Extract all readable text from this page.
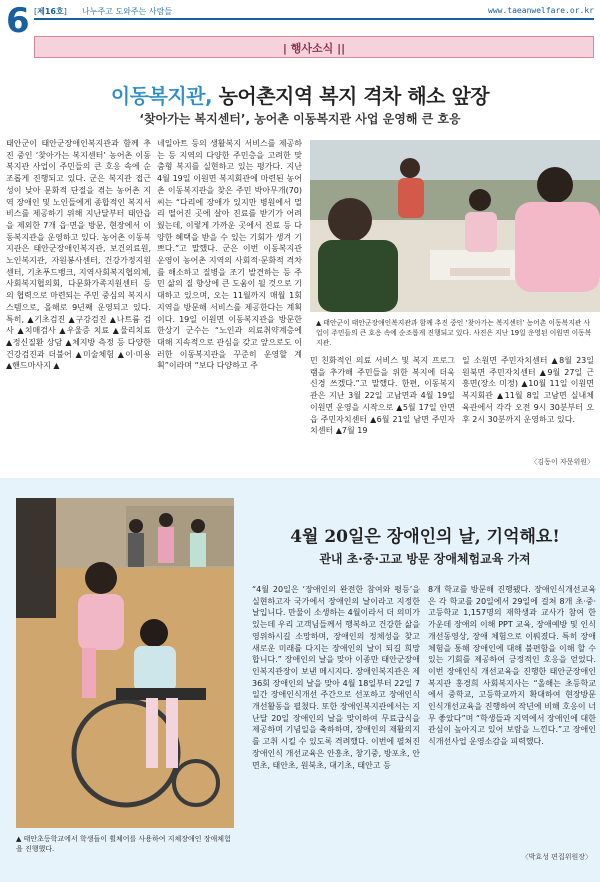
6 [제16호] 나누주고 도와주는 사람들	www.taeanwelfare.or.kr
| 행사소식 ||
이동복지관, 농어촌지역 복지 격차 해소 앞장
‘찾아가는 복지센터’, 농어촌 이동복지관 사업 운영해 큰 호응
태안군이 태안군장애인복지관과 함께 추진 중인 ‘찾아가는 복지센터’ 농어촌 이동복지관 사업이 주민들의 큰 호응 속에 순조롭게 진행되고 있다. 군은 복지관 접근성이 낮아 문화적 단절을 겪는 농어촌 지역 장애인 및 노인들에게 종합적인 복지서비스를 제공하기 위해 지난달부터 태안읍을 제외한 7개 읍·면을 방문, 현장에서 이동복지관을 운영하고 있다. 농어촌 이동복지관은 태안군장애인복지관, 보건의료원, 노인복지관, 자원봉사센터, 건강가정지원센터, 기초푸드뱅크, 지역사회복지협의체, 사회복지협의회, 다문화가족지원센터 등의 협력으로 마련되는 주민 중심의 복지시스템으로, 올해로 9년째 운영되고 있다. 특히, ▲기초검진 ▲구강검진 ▲나트륨 검사 ▲치매검사 ▲우울증 치료 ▲물리치료 ▲정신질환 상담 ▲체지방 측정 등 다양한 건강검진과 더불어 ▲미술체험 ▲이·미용 ▲핸드마사지 ▲
네일아트 등의 생활복지 서비스를 제공하는 등 지역의 다양한 주민층을 고려한 맞춤형 복지를 실현하고 있는 평가다. 지난 4월 19일 이원면 복지회관에 마련된 농어촌 이동복지관을 찾은 주민 박아무개(70)씨는 “다리에 장애가 있지만 병원에서 멀리 떨어진 곳에 살아 진료를 받기가 어려웠는데, 이렇게 가까운 곳에서 진료 등 다양한 혜택을 받을 수 있는 기회가 생겨 기쁘다.”고 말했다. 군은 이번 이동복지관 운영이 농어촌 지역의 사회적·문화적 격차를 해소하고 질병을 조기 발견하는 등 주민 삶의 질 향상에 큰 도움이 될 것으로 기대하고 있으며, 오는 11월까지 매월 1회 지역을 방문해 서비스를 제공한다는 계획이다. 19일 이원면 이동복지관을 방문한 한상기 군수는 “노인과 의료취약계층에 대해 지속적으로 관심을 갖고 앞으로도 이러한 이동복지관을 꾸준히 운영할 계획”이라며 “보다 다양하고 주
▲ 태안군이 태안군장애인복지관과 함께 추진 중인 ‘찾아가는 복지센터’ 농어촌 이동복지관 사업이 주민들의 큰 호응 속에 순조롭게 진행되고 있다. 사진은 지난 19일 운영된 이원면 이동복지관.
민 친화적인 의료 서비스 및 복지 프로그램을 추가해 주민들을 위한 복지에 더욱 신경 쓰겠다.”고 말했다. 한편, 이동복지관은 지난 3월 22일 고남면과 4월 19일 이원면 운영을 시작으로 ▲5월 17일 안면읍 주민자치센터 ▲6월 21일 남면 주민자치센터 ▲7월 19
일 소원면 주민자치센터 ▲8월 23일 원북면 주민자치센터 ▲9월 27일 근흥면(장소 미정) ▲10월 11일 이원면 복지회관 ▲11월 8일 고남면 실내체육관에서 각각 오전 9시 30분부터 오후 2시 30분까지 운영하고 있다.
〈김동이 자문위원〉
▲ 태안초등학교에서 학생들이 휠체어를 사용하여 지체장애인 장애체험을 진행했다.
4월 20일은 장애인의 날, 기억해요!
관내 초·중·고교 방문 장애체험교육 가져
“4월 20일은 ‘장애인의 완전한 참여와 평등’을 실현하고자 국가에서 장애인의 날이라고 지정한 날입니다. 만물이 소생하는 4월이라서 더 의미가 있는데 우리 고객님들께서 행복하고 건강한 삶을 영위하시길 소망하며, 장애인의 정체성을 찾고 새로운 미래를 다지는 장애인의 날이 되길 희망합니다.” 장애인의 날을 맞아 이종만 태안군장애인복지관장이 보낸 메시지다. 장애인복지관은 제36회 장애인의 날을 맞아 4월 18일부터 22일 7일간 장애인식개선 주간으로 선포하고 장애인식 개선활동을 펼쳤다. 또한 장애인복지관에서는 지난달 20일 장애인의 날을 맞이하여 무료급식을 제공하며 기념일을 축하하며, 장애인의 재활의지를 고취 시킬 수 있도록 격려했다. 이번에 펼쳐진 장애인식 개선교육은 안흥초, 창기중, 방포초, 안면초, 태안초, 원북초, 대기초, 태안고 등
8개 학교를 방문해 진행됐다. 장애인식개선교육은 각 학교를 20일에서 29일에 걸쳐 8개 초·중·고등학교 1,157명의 재학생과 교사가 참여 한 가운데 장애의 이해 PPT 교육, 장애예방 및 인식개선동영상, 장애 체험으로 이뤄졌다. 특히 장애체험을 통해 장애인에 대해 불편함을 이해 할 수 있는 기회를 제공하여 긍정적인 호응을 얻었다. 이번 장애인식 개선교육을 진행한 태안군장애인복지관 홍경희 사회복지사는 “올해는 초등학교에서 중학교, 고등학교까지 확대하여 현장방문 인식개선교육을 진행하여 작년에 비해 호응이 너무 좋았다”며 “학생들과 지역에서 장애인에 대한 관심이 높아지고 있어 보람을 느낀다.”고 장애인식개선사업 운영소감을 피력했다.
〈박효성 편집위원장〉
